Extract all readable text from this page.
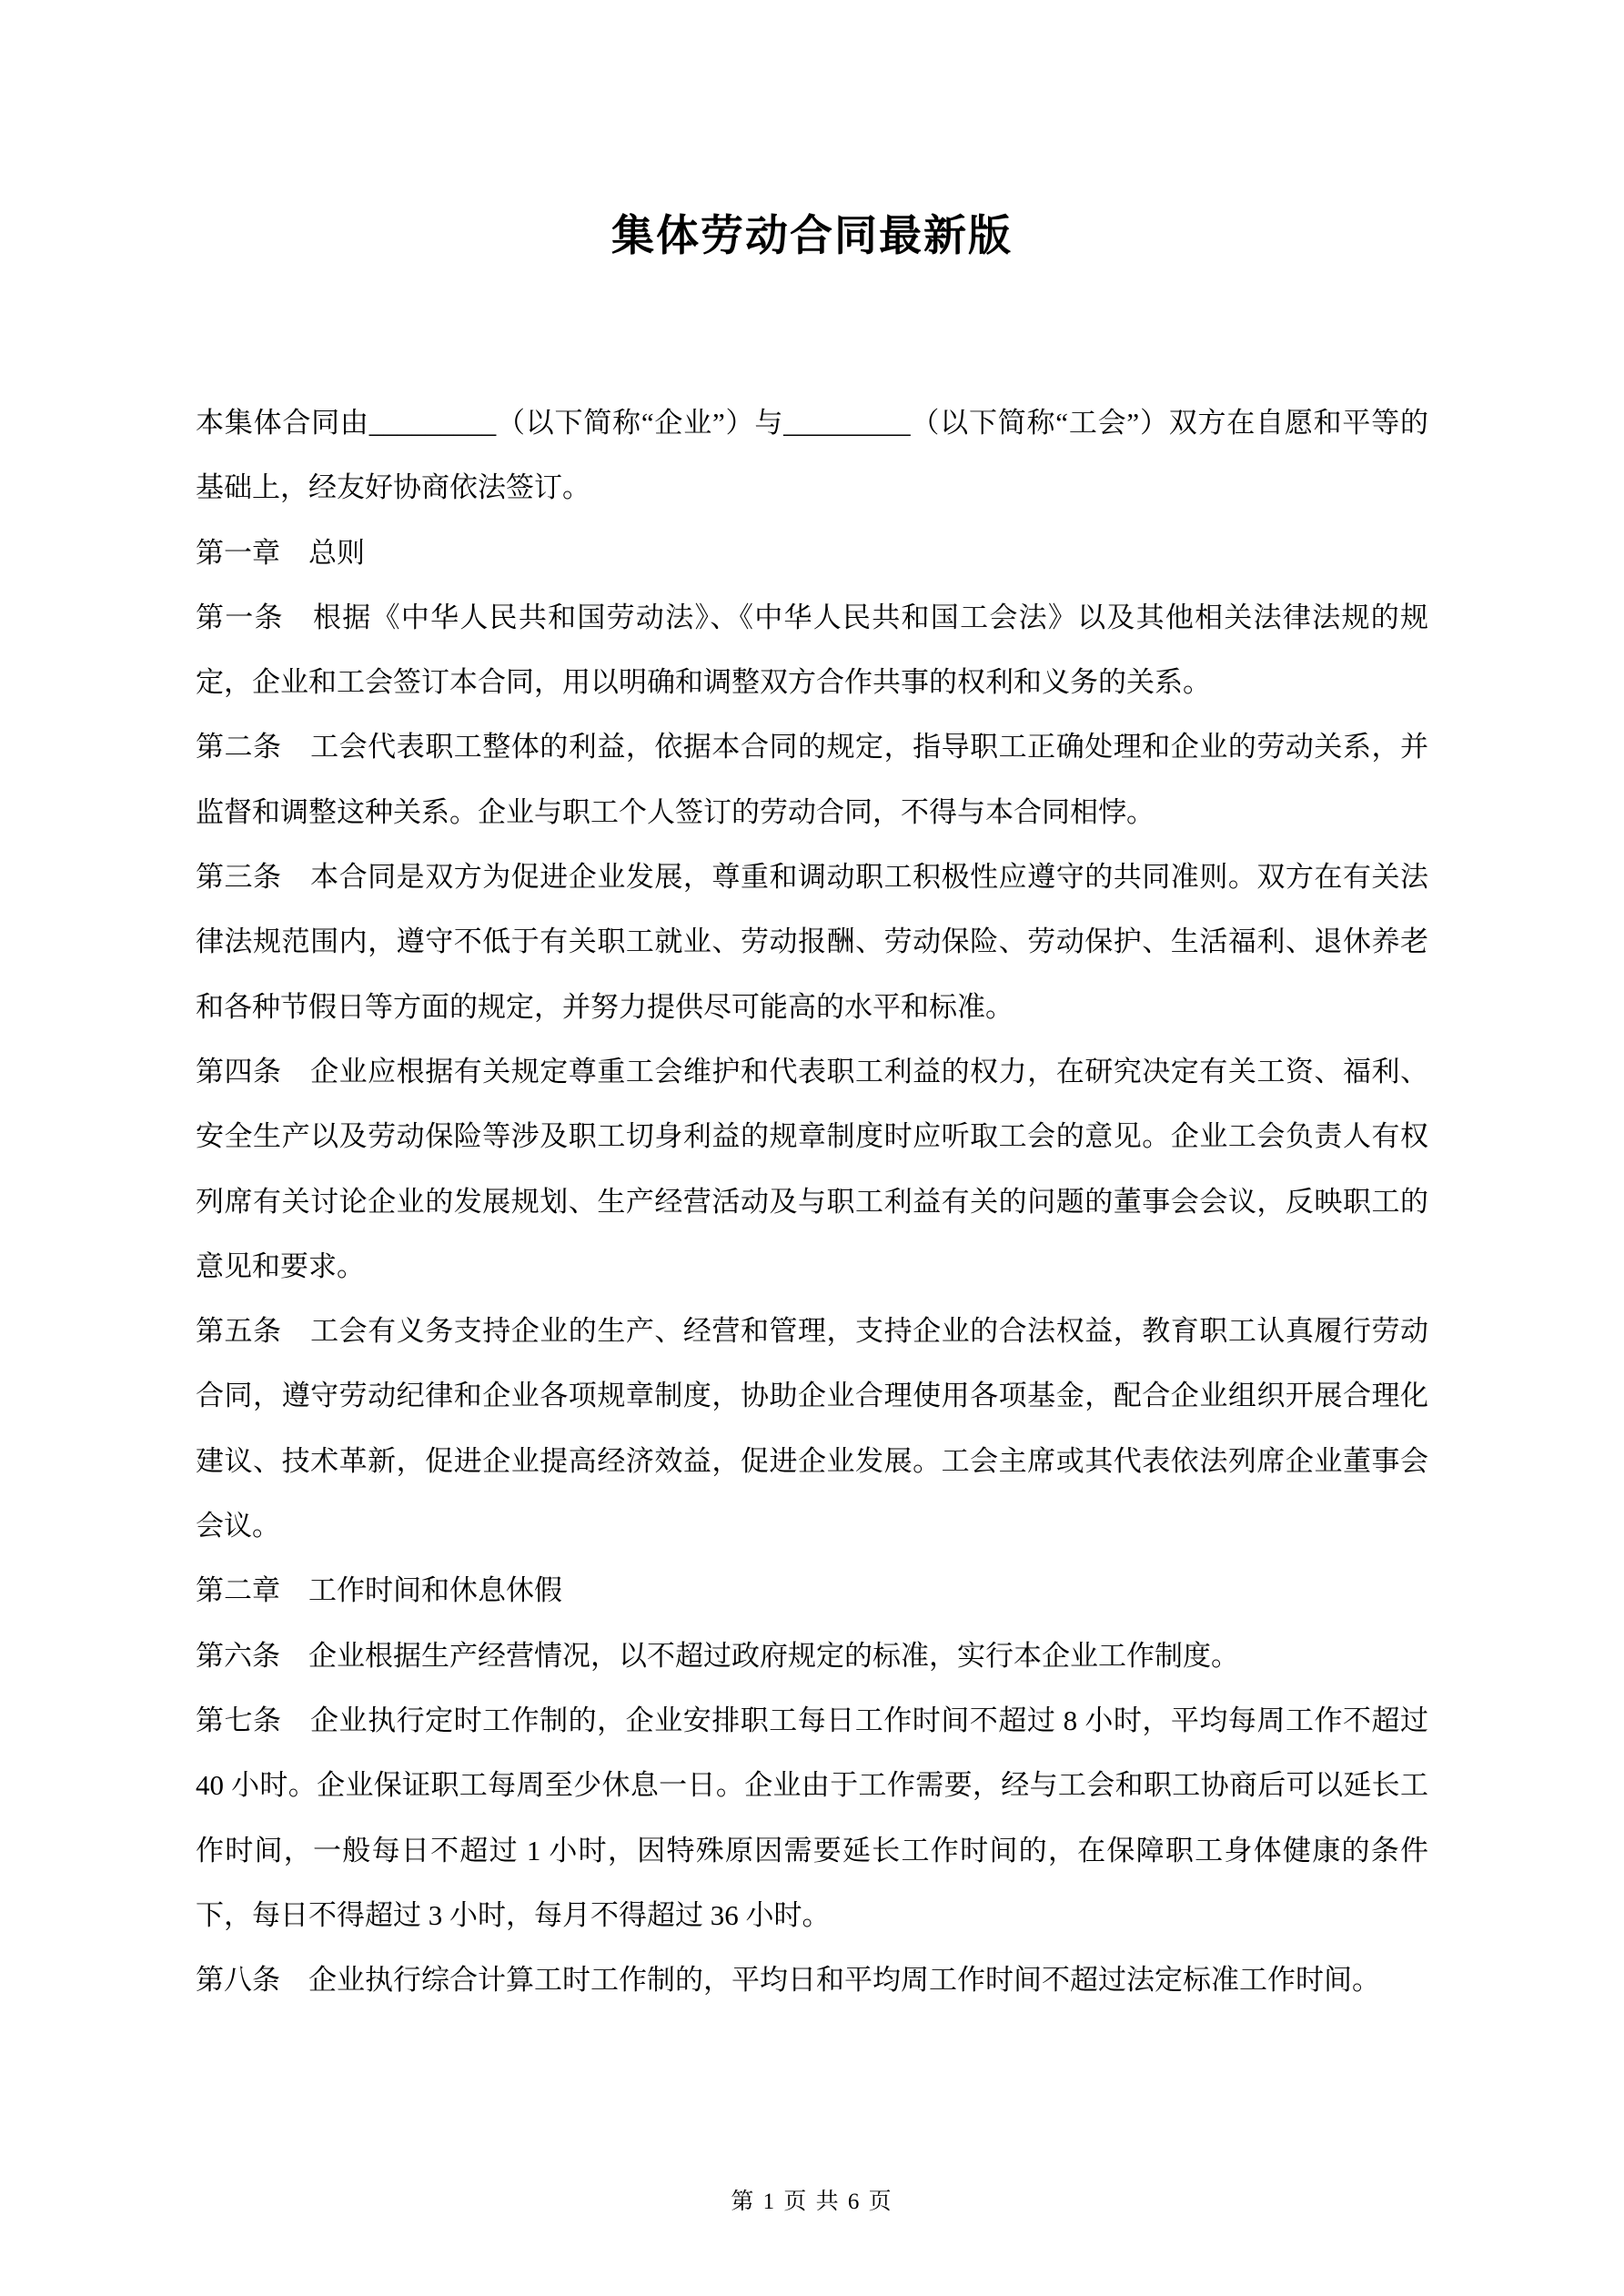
集体劳动合同最新版

本集体合同由_________（以下简称“企业”）与_________（以下简称“工会”）双方在自愿和平等的基础上，经友好协商依法签订。

第一章　总则

第一条　根据《中华人民共和国劳动法》、《中华人民共和国工会法》以及其他相关法律法规的规定，企业和工会签订本合同，用以明确和调整双方合作共事的权利和义务的关系。

第二条　工会代表职工整体的利益，依据本合同的规定，指导职工正确处理和企业的劳动关系，并监督和调整这种关系。企业与职工个人签订的劳动合同，不得与本合同相悖。

第三条　本合同是双方为促进企业发展，尊重和调动职工积极性应遵守的共同准则。双方在有关法律法规范围内，遵守不低于有关职工就业、劳动报酬、劳动保险、劳动保护、生活福利、退休养老和各种节假日等方面的规定，并努力提供尽可能高的水平和标准。

第四条　企业应根据有关规定尊重工会维护和代表职工利益的权力，在研究决定有关工资、福利、安全生产以及劳动保险等涉及职工切身利益的规章制度时应听取工会的意见。企业工会负责人有权列席有关讨论企业的发展规划、生产经营活动及与职工利益有关的问题的董事会会议，反映职工的意见和要求。

第五条　工会有义务支持企业的生产、经营和管理，支持企业的合法权益，教育职工认真履行劳动合同，遵守劳动纪律和企业各项规章制度，协助企业合理使用各项基金，配合企业组织开展合理化建议、技术革新，促进企业提高经济效益，促进企业发展。工会主席或其代表依法列席企业董事会会议。

第二章　工作时间和休息休假

第六条　企业根据生产经营情况，以不超过政府规定的标准，实行本企业工作制度。

第七条　企业执行定时工作制的，企业安排职工每日工作时间不超过 8 小时，平均每周工作不超过 40 小时。企业保证职工每周至少休息一日。企业由于工作需要，经与工会和职工协商后可以延长工作时间，一般每日不超过 1 小时，因特殊原因需要延长工作时间的，在保障职工身体健康的条件下，每日不得超过 3 小时，每月不得超过 36 小时。

第八条　企业执行综合计算工时工作制的，平均日和平均周工作时间不超过法定标准工作时间。

第 1 页 共 6 页
